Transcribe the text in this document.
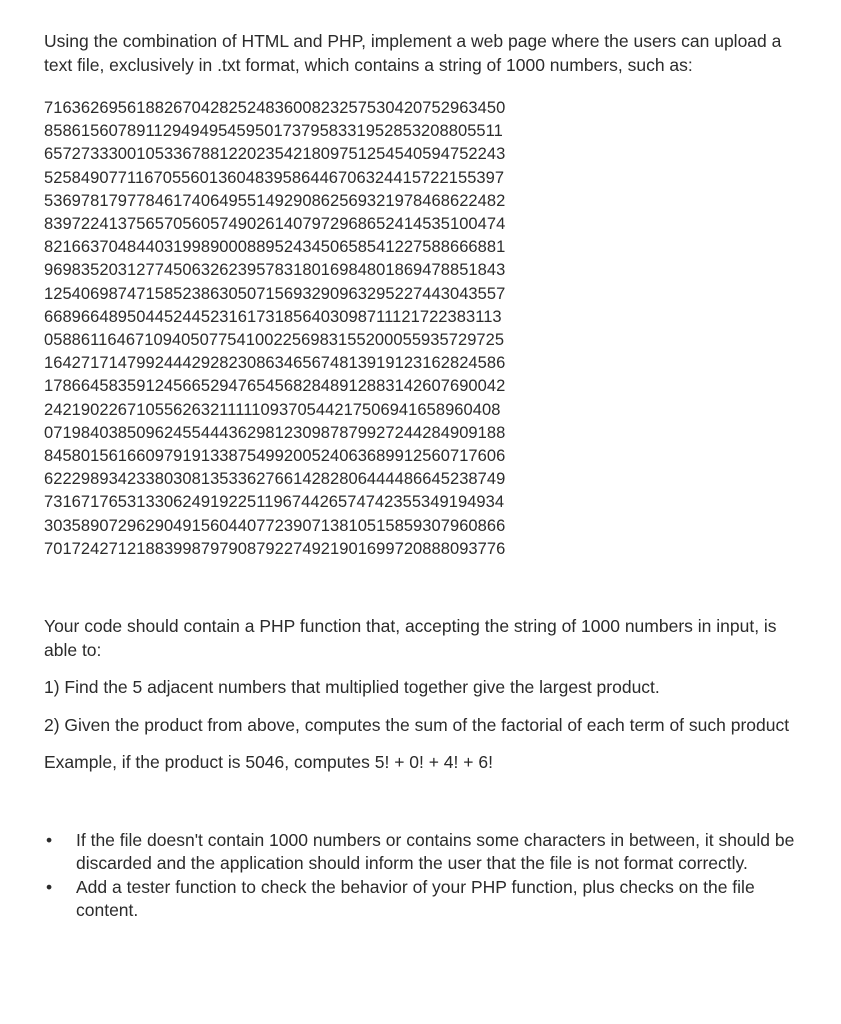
Using the combination of HTML and PHP, implement a web page where the users can upload a text file, exclusively in .txt format, which contains a string of 1000 numbers, such as:

71636269561882670428252483600823257530420752963450
85861560789112949495459501737958331952853208805511
65727333001053367881220235421809751254540594752243
52584907711670556013604839586446706324415722155397
53697817977846174064955149290862569321978468622482
83972241375657056057490261407972968652414535100474
82166370484403199890008895243450658541227588666881
96983520312774506326239578318016984801869478851843
12540698747158523863050715693290963295227443043557
66896648950445244523161731856403098711121722383113
05886116467109405077541002256983155200055935729725
16427171479924442928230863465674813919123162824586
17866458359124566529476545682848912883142607690042
24219022671055626321111109370544217506941658960408
07198403850962455444362981230987879927244284909188
84580156166097919133875499200524063689912560717606
62229893423380308135336276614282806444486645238749
73167176531330624919225119674426574742355349194934
30358907296290491560440772390713810515859307960866
70172427121883998797908792274921901699720888093776

Your code should contain a PHP function that, accepting the string of 1000 numbers in input, is able to:

1) Find the 5 adjacent numbers that multiplied together give the largest product.

2) Given the product from above, computes the sum of the factorial of each term of such product

Example, if the product is 5046, computes 5! + 0! + 4! + 6!

• If the file doesn't contain 1000 numbers or contains some characters in between, it should be discarded and the application should inform the user that the file is not format correctly.
• Add a tester function to check the behavior of your PHP function, plus checks on the file content.
